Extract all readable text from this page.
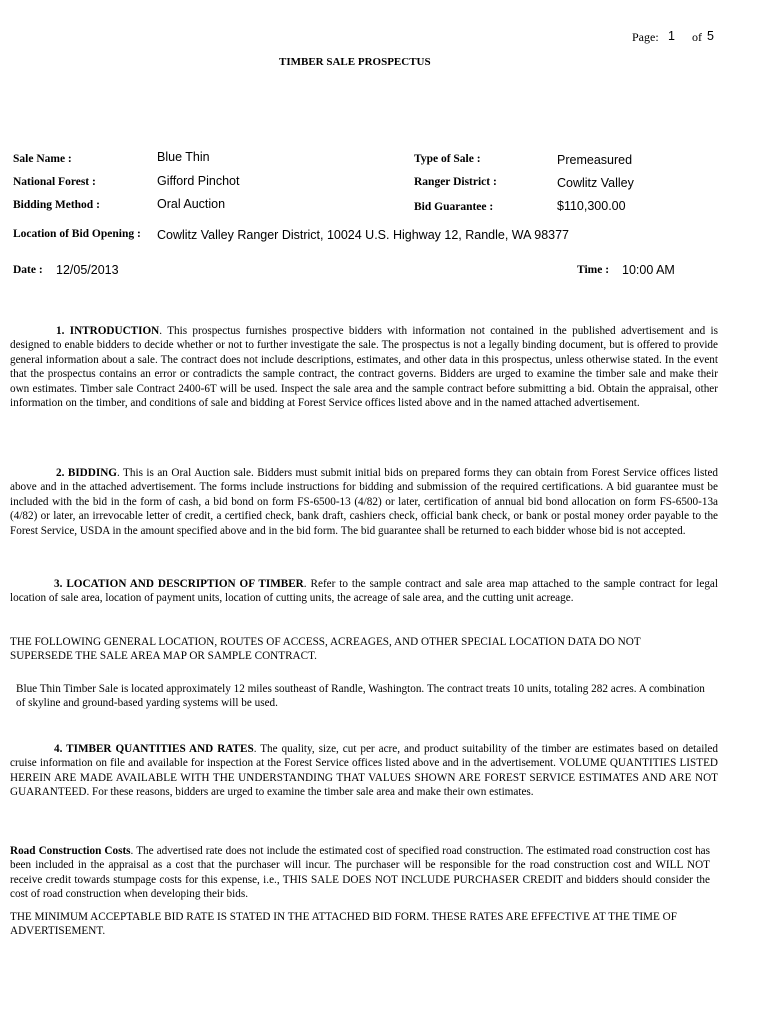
Page: 1 of 5
TIMBER SALE PROSPECTUS
Sale Name :	Blue Thin	Type of Sale :	Premeasured
National Forest :	Gifford Pinchot	Ranger District :	Cowlitz Valley
Bidding Method :	Oral Auction	Bid Guarantee :	$110,300.00
Location of Bid Opening : Cowlitz Valley Ranger District, 10024 U.S. Highway 12, Randle, WA 98377
Date : 12/05/2013	Time : 10:00 AM
1. INTRODUCTION. This prospectus furnishes prospective bidders with information not contained in the published advertisement and is designed to enable bidders to decide whether or not to further investigate the sale. The prospectus is not a legally binding document, but is offered to provide general information about a sale. The contract does not include descriptions, estimates, and other data in this prospectus, unless otherwise stated. In the event that the prospectus contains an error or contradicts the sample contract, the contract governs. Bidders are urged to examine the timber sale and make their own estimates. Timber sale Contract 2400-6T will be used. Inspect the sale area and the sample contract before submitting a bid. Obtain the appraisal, other information on the timber, and conditions of sale and bidding at Forest Service offices listed above and in the named attached advertisement.
2. BIDDING. This is an Oral Auction sale. Bidders must submit initial bids on prepared forms they can obtain from Forest Service offices listed above and in the attached advertisement. The forms include instructions for bidding and submission of the required certifications. A bid guarantee must be included with the bid in the form of cash, a bid bond on form FS-6500-13 (4/82) or later, certification of annual bid bond allocation on form FS-6500-13a (4/82) or later, an irrevocable letter of credit, a certified check, bank draft, cashiers check, official bank check, or bank or postal money order payable to the Forest Service, USDA in the amount specified above and in the bid form. The bid guarantee shall be returned to each bidder whose bid is not accepted.
3. LOCATION AND DESCRIPTION OF TIMBER. Refer to the sample contract and sale area map attached to the sample contract for legal location of sale area, location of payment units, location of cutting units, the acreage of sale area, and the cutting unit acreage.
THE FOLLOWING GENERAL LOCATION, ROUTES OF ACCESS, ACREAGES, AND OTHER SPECIAL LOCATION DATA DO NOT SUPERSEDE THE SALE AREA MAP OR SAMPLE CONTRACT.
Blue Thin Timber Sale is located approximately 12 miles southeast of Randle, Washington. The contract treats 10 units, totaling 282 acres. A combination of skyline and ground-based yarding systems will be used.
4. TIMBER QUANTITIES AND RATES. The quality, size, cut per acre, and product suitability of the timber are estimates based on detailed cruise information on file and available for inspection at the Forest Service offices listed above and in the advertisement. VOLUME QUANTITIES LISTED HEREIN ARE MADE AVAILABLE WITH THE UNDERSTANDING THAT VALUES SHOWN ARE FOREST SERVICE ESTIMATES AND ARE NOT GUARANTEED. For these reasons, bidders are urged to examine the timber sale area and make their own estimates.
Road Construction Costs. The advertised rate does not include the estimated cost of specified road construction. The estimated road construction cost has been included in the appraisal as a cost that the purchaser will incur. The purchaser will be responsible for the road construction cost and WILL NOT receive credit towards stumpage costs for this expense, i.e., THIS SALE DOES NOT INCLUDE PURCHASER CREDIT and bidders should consider the cost of road construction when developing their bids.
THE MINIMUM ACCEPTABLE BID RATE IS STATED IN THE ATTACHED BID FORM. THESE RATES ARE EFFECTIVE AT THE TIME OF ADVERTISEMENT.
